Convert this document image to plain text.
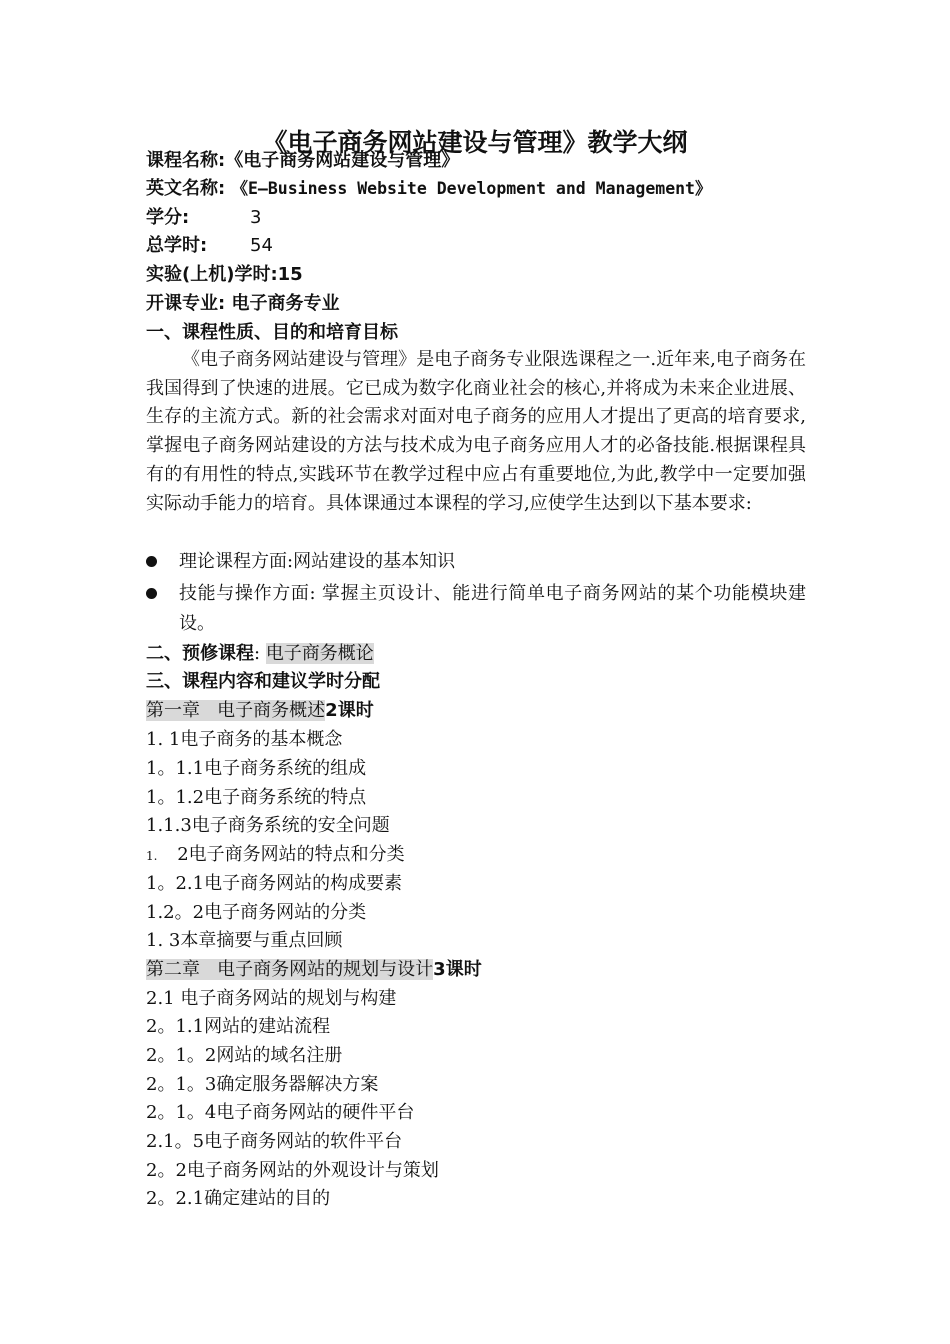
《电子商务网站建设与管理》教学大纲
课程名称:《电子商务网站建设与管理》
英文名称: 《E—Business Website Development and Management》
学分:	3
总学时: 54
实验(上机)学时:15
开课专业: 电子商务专业
一、课程性质、目的和培育目标
《电子商务网站建设与管理》是电子商务专业限选课程之一.近年来,电子商务在我国得到了快速的进展。它已成为数字化商业社会的核心,并将成为未来企业进展、生存的主流方式。新的社会需求对面对电子商务的应用人才提出了更高的培育要求,掌握电子商务网站建设的方法与技术成为电子商务应用人才的必备技能.根据课程具有的有用性的特点,实践环节在教学过程中应占有重要地位,为此,教学中一定要加强实际动手能力的培育。具体课通过本课程的学习,应使学生达到以下基本要求:
理论课程方面:网站建设的基本知识
技能与操作方面: 掌握主页设计、能进行简单电子商务网站的某个功能模块建设。
二、预修课程: 电子商务概论
三、课程内容和建议学时分配
第一章   电子商务概述2课时
1. 1电子商务的基本概念
1。1.1电子商务系统的组成
1。1.2电子商务系统的特点
1.1.3电子商务系统的安全问题
1. 2电子商务网站的特点和分类
1。2.1电子商务网站的构成要素
1.2。2电子商务网站的分类
1. 3本章摘要与重点回顾
第二章   电子商务网站的规划与设计3课时
2.1 电子商务网站的规划与构建
2。1.1网站的建站流程
2。1。2网站的域名注册
2。1。3确定服务器解决方案
2。1。4电子商务网站的硬件平台
2.1。5电子商务网站的软件平台
2。2电子商务网站的外观设计与策划
2。2.1确定建站的目的
